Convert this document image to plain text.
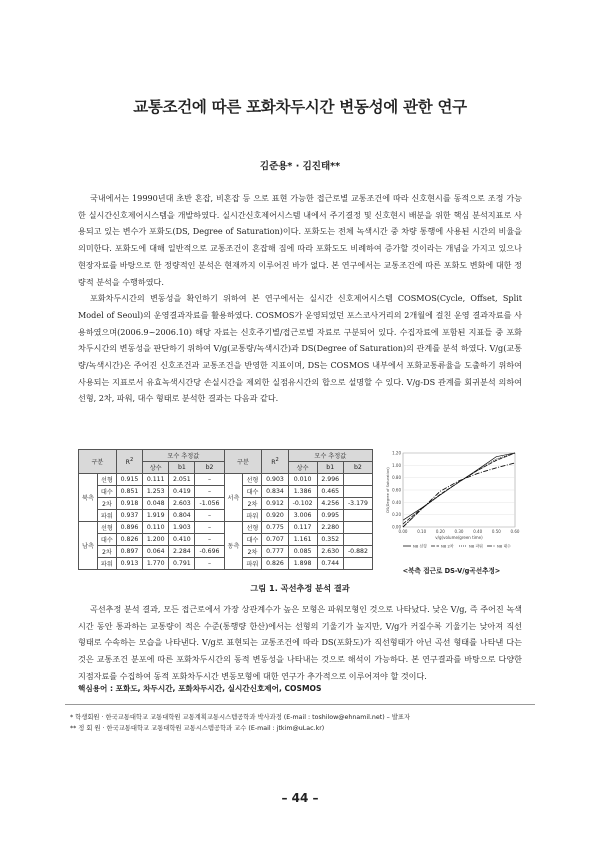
교통조건에 따른 포화차두시간 변동성에 관한 연구
김준용* · 김진태**

국내에서는 19990년대 초반 혼잡, 비혼잡 등 으로 표현 가능한 접근로별 교통조건에 따라 신호현시를 동적으로 조정 가능한 실시간신호제어시스템을 개발하였다. 실시간신호제어시스템 내에서 주기결정 및 신호현시 배분을 위한 핵심 분석지표로 사용되고 있는 변수가 포화도(DS, Degree of Saturation)이다. 포화도는 전체 녹색시간 중 차량 통행에 사용된 시간의 비율을 의미한다. 포화도에 대해 일반적으로 교통조건이 혼잡해 짐에 따라 포화도도 비례하여 증가할 것이라는 개념을 가지고 있으나 현장자료를 바탕으로 한 정량적인 분석은 현재까지 이루어진 바가 없다. 본 연구에서는 교통조건에 따른 포화도 변화에 대한 정량적 분석을 수행하였다.

포화차두시간의 변동성을 확인하기 위하여 본 연구에서는 실시간 신호제어시스템 COSMOS(Cycle, Offset, Split Model of Seoul)의 운영결과자료를 활용하였다. COSMOS가 운영되었던 포스코사거리의 2개월에 걸친 운영 결과자료를 사용하였으며(2006.9~2006.10) 해당 자료는 신호주기별/접근로별 자료로 구분되어 있다. 수집자료에 포함된 지표들 중 포화차두시간의 변동성을 판단하기 위하여 V/g(교통량/녹색시간)과 DS(Degree of Saturation)의 관계를 분석 하였다. V/g(교통량/녹색시간)은 주어진 신호조건과 교통조건을 반영한 지표이며, DS는 COSMOS 내부에서 포화교통류율을 도출하기 위하여 사용되는 지표로서 유효녹색시간당 손실시간을 제외한 실점유시간의 합으로 설명할 수 있다. V/g-DS 관계를 회귀분석 의하여 선형, 2차, 파워, 대수 형태로 분석한 결과는 다음과 같다.

구분		$R^2$	모수 추정값			구분		$R^2$	모수 추정값		
			상수	b1	b2				상수	b1	b2
북측	선형	0.915	0.111	2.051	–	서측	선형	0.903	0.010	2.996	
	대수	0.851	1.253	0.419	–		대수	0.834	1.386	0.465	
	2차	0.918	0.048	2.603	-1.056		2차	0.912	-0.102	4.256	-3.179
	파워	0.937	1.919	0.804	–		파워	0.920	3.006	0.995	
남측	선형	0.896	0.110	1.903	–	동측	선형	0.775	0.117	2.280	
	대수	0.826	1.200	0.410	–		대수	0.707	1.161	0.352	
	2차	0.897	0.064	2.284	-0.696		2차	0.777	0.085	2.630	-0.882
	파워	0.913	1.770	0.791	–		파워	0.826	1.898	0.744	
0.00
0.20
0.40
0.60
0.80
1.00
1.20
0.00 0.10 0.20 0.30 0.40 0.50 0.60
v/g(volume/green time)
DS(Degree of Saturation)
N8 선형	N8 2차	N8 파워	N8 대수
<북측 접근로 DS-V/g곡선추정>
그림 1. 곡선추정 분석 결과

곡선추정 분석 결과, 모든 접근로에서 가장 상관계수가 높은 모형은 파워모형인 것으로 나타났다. 낮은 V/g, 즉 주어진 녹색시간 동안 통과하는 교통량이 적은 수준(통행량 한산)에서는 선형의 기울기가 높지만, V/g가 커질수록 기울기는 낮아져 직선 형태로 수속하는 모습을 나타낸다. V/g로 표현되는 교통조건에 따라 DS(포화도)가 직선형태가 아닌 곡선 형태를 나타낸 다는 것은 교통조건 분포에 따른 포화차두시간의 동적 변동성을 나타내는 것으로 해석이 가능하다. 본 연구결과를 바탕으로 다양한 지점자료를 수집하여 동적 포화차두시간 변동모형에 대한 연구가 추가적으로 이루어져야 할 것이다.

핵심용어 : 포화도, 차두시간, 포화차두시간, 실시간신호제어, COSMOS
* 학생회원 · 한국교통대학교 교통대학원 교통계획교통시스템공학과 박사과정 (E-mail : toshilow@ehnamil.net) – 발표자
** 정 회 원 · 한국교통대학교 교통대학원 교통시스템공학과 교수 (E-mail : jtkim@uLac.kr)
– 44 –
